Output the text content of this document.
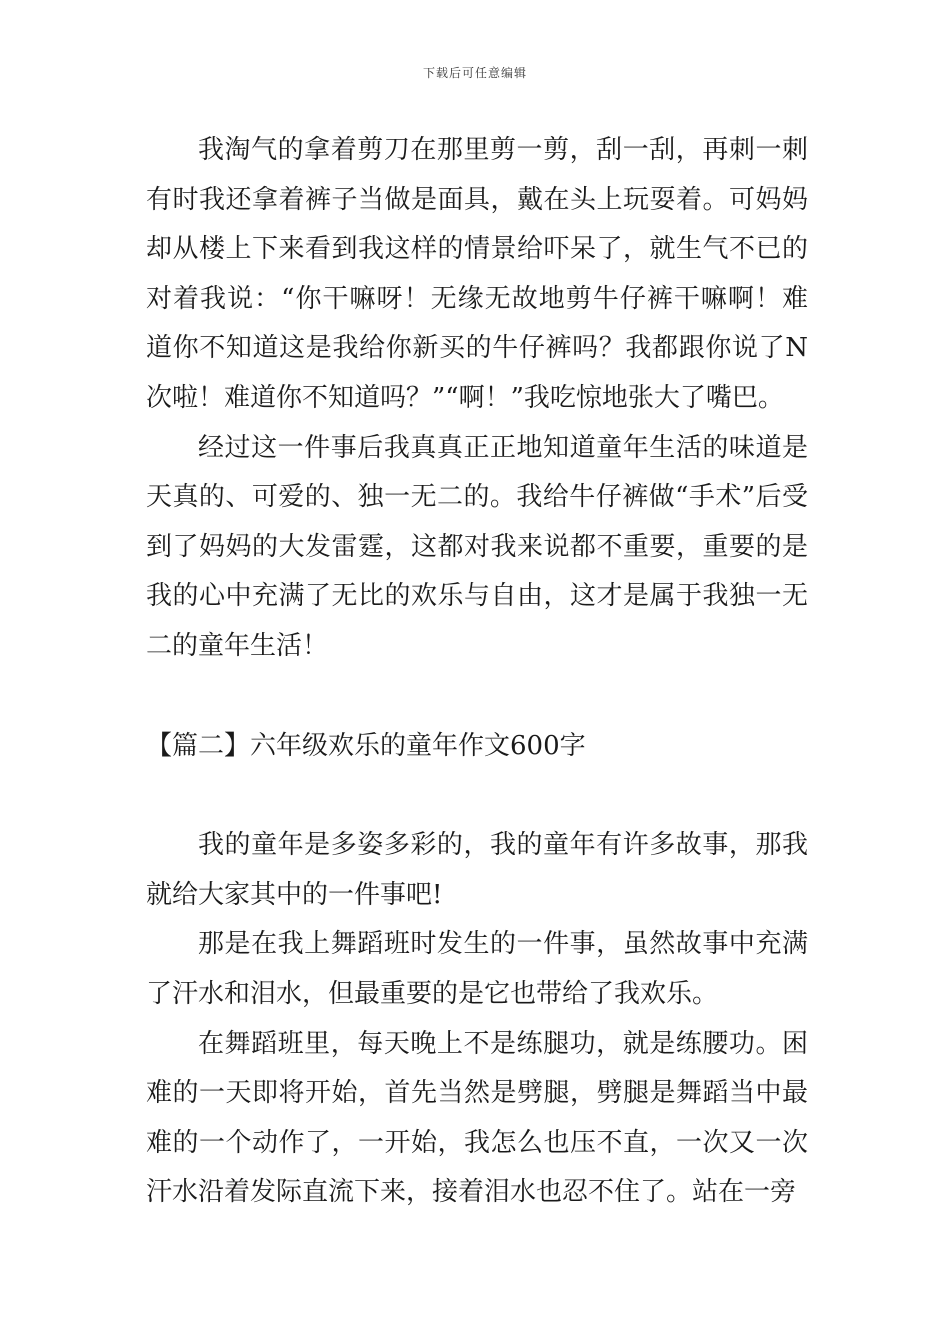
下载后可任意编辑

我淘气的拿着剪刀在那里剪一剪，刮一刮，再刺一刺有时我还拿着裤子当做是面具，戴在头上玩耍着。可妈妈却从楼上下来看到我这样的情景给吓呆了，就生气不已的对着我说：“你干嘛呀！无缘无故地剪牛仔裤干嘛啊！难道你不知道这是我给你新买的牛仔裤吗？我都跟你说了N次啦！难道你不知道吗？”“啊！”我吃惊地张大了嘴巴。

经过这一件事后我真真正正地知道童年生活的味道是天真的、可爱的、独一无二的。我给牛仔裤做“手术”后受到了妈妈的大发雷霆，这都对我来说都不重要，重要的是我的心中充满了无比的欢乐与自由，这才是属于我独一无二的童年生活！

【篇二】六年级欢乐的童年作文600字

我的童年是多姿多彩的，我的童年有许多故事，那我就给大家其中的一件事吧!

那是在我上舞蹈班时发生的一件事，虽然故事中充满了汗水和泪水，但最重要的是它也带给了我欢乐。

在舞蹈班里，每天晚上不是练腿功，就是练腰功。困难的一天即将开始，首先当然是劈腿，劈腿是舞蹈当中最难的一个动作了，一开始，我怎么也压不直，一次又一次汗水沿着发际直流下来，接着泪水也忍不住了。站在一旁
